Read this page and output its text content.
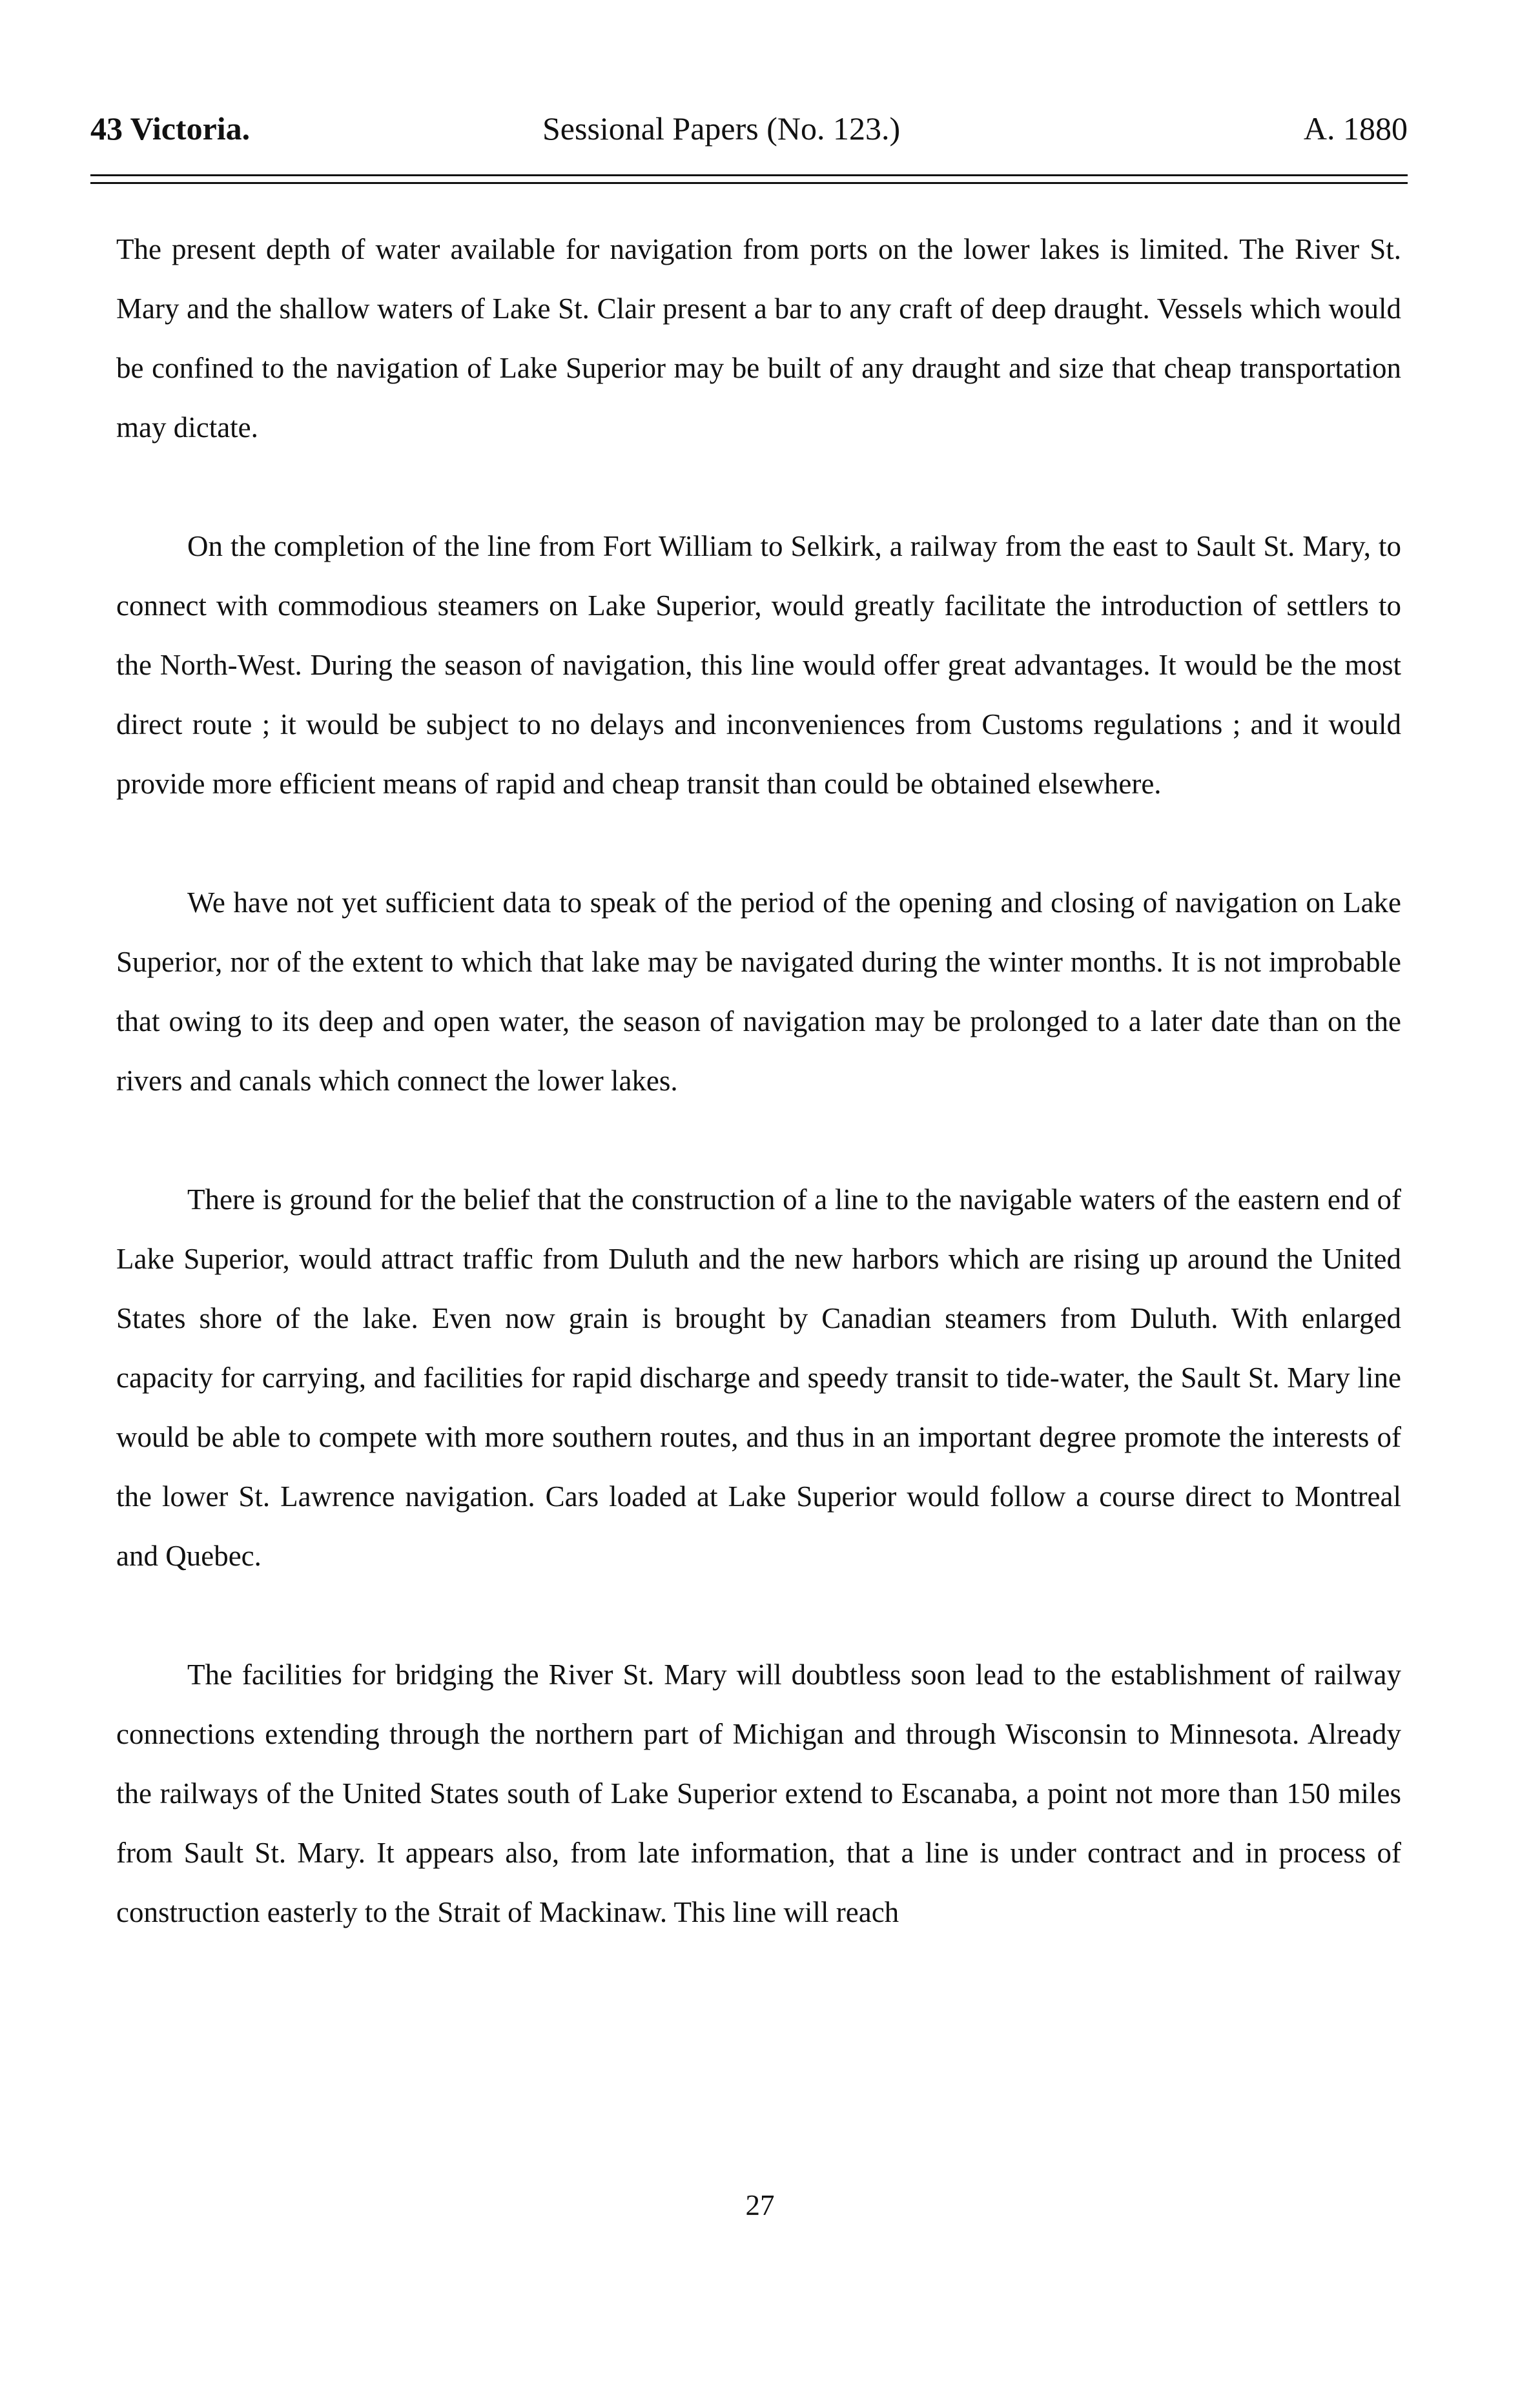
43 Victoria.	Sessional Papers (No. 123.)	A. 1880

The present depth of water available for navigation from ports on the lower lakes is limited. The River St. Mary and the shallow waters of Lake St. Clair present a bar to any craft of deep draught. Vessels which would be confined to the navigation of Lake Superior may be built of any draught and size that cheap transportation may dictate.

On the completion of the line from Fort William to Selkirk, a railway from the east to Sault St. Mary, to connect with commodious steamers on Lake Superior, would greatly facilitate the introduction of settlers to the North-West. During the season of navigation, this line would offer great advantages. It would be the most direct route ; it would be subject to no delays and inconveniences from Customs regulations ; and it would provide more efficient means of rapid and cheap transit than could be obtained elsewhere.

We have not yet sufficient data to speak of the period of the opening and closing of navigation on Lake Superior, nor of the extent to which that lake may be navigated during the winter months. It is not improbable that owing to its deep and open water, the season of navigation may be prolonged to a later date than on the rivers and canals which connect the lower lakes.

There is ground for the belief that the construction of a line to the navigable waters of the eastern end of Lake Superior, would attract traffic from Duluth and the new harbors which are rising up around the United States shore of the lake. Even now grain is brought by Canadian steamers from Duluth. With enlarged capacity for carrying, and facilities for rapid discharge and speedy transit to tide-water, the Sault St. Mary line would be able to compete with more southern routes, and thus in an important degree promote the interests of the lower St. Lawrence navigation. Cars loaded at Lake Superior would follow a course direct to Montreal and Quebec.

The facilities for bridging the River St. Mary will doubtless soon lead to the establishment of railway connections extending through the northern part of Michigan and through Wisconsin to Minnesota. Already the railways of the United States south of Lake Superior extend to Escanaba, a point not more than 150 miles from Sault St. Mary. It appears also, from late information, that a line is under contract and in process of construction easterly to the Strait of Mackinaw. This line will reach

27
